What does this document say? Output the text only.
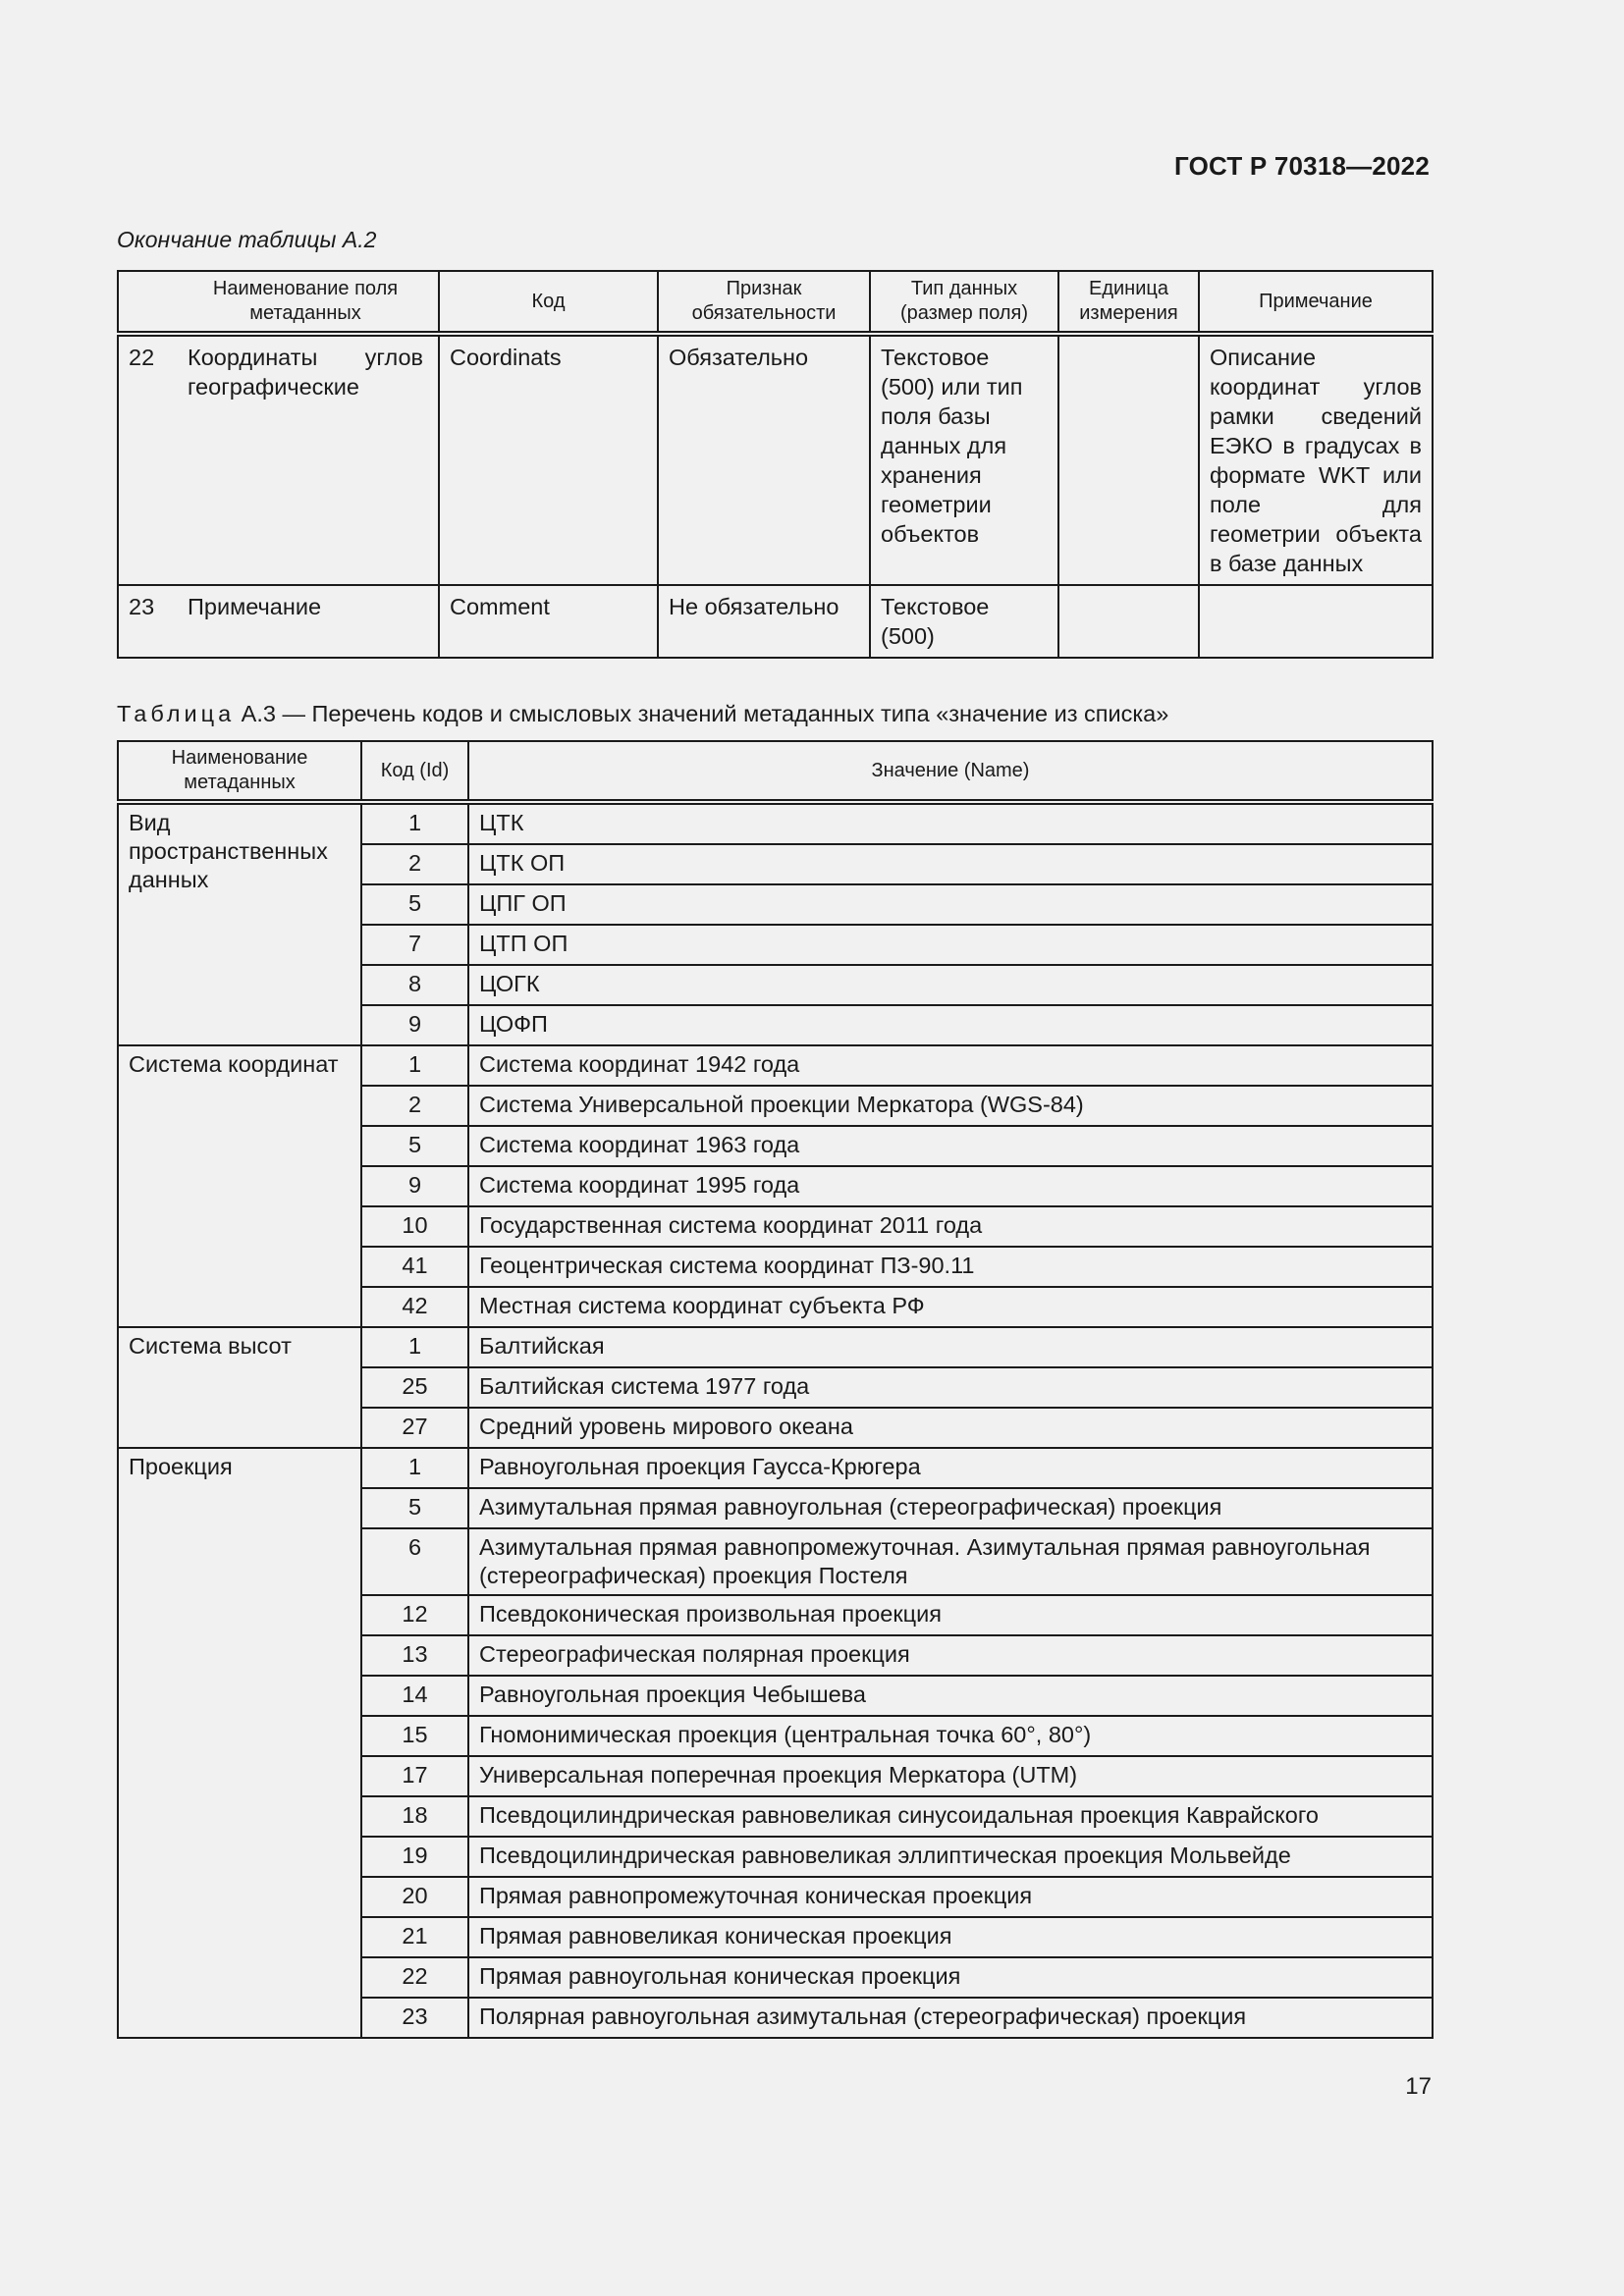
ГОСТ Р 70318—2022
Окончание таблицы А.2
Наименование поля метаданных	Код	Признак обязательности	Тип данных (размер поля)	Единица измерения	Примечание
22 Координаты углов географические	Coordinats	Обязательно	Текстовое (500) или тип поля базы данных для хранения геометрии объектов		Описание координат углов рамки сведений ЕЭКО в градусах в формате WKT или поле для геометрии объекта в базе данных
23 Примечание	Comment	Не обязательно	Текстовое (500)		
Таблица А.3 — Перечень кодов и смысловых значений метаданных типа «значение из списка»
Наименование метаданных	Код (Id)	Значение (Name)
Вид пространственных данных	1	ЦТК
	2	ЦТК ОП
	5	ЦПГ ОП
	7	ЦТП ОП
	8	ЦОГК
	9	ЦОФП
Система координат	1	Система координат 1942 года
	2	Система Универсальной проекции Меркатора (WGS-84)
	5	Система координат 1963 года
	9	Система координат 1995 года
	10	Государственная система координат 2011 года
	41	Геоцентрическая система координат ПЗ-90.11
	42	Местная система координат субъекта РФ
Система высот	1	Балтийская
	25	Балтийская система 1977 года
	27	Средний уровень мирового океана
Проекция	1	Равноугольная проекция Гаусса-Крюгера
	5	Азимутальная прямая равноугольная (стереографическая) проекция
	6	Азимутальная прямая равнопромежуточная. Азимутальная прямая равноугольная (стереографическая) проекция Постеля
	12	Псевдоконическая произвольная проекция
	13	Стереографическая полярная проекция
	14	Равноугольная проекция Чебышева
	15	Гномонимическая проекция (центральная точка 60°, 80°)
	17	Универсальная поперечная проекция Меркатора (UTM)
	18	Псевдоцилиндрическая равновеликая синусоидальная проекция Каврайского
	19	Псевдоцилиндрическая равновеликая эллиптическая проекция Мольвейде
	20	Прямая равнопромежуточная коническая проекция
	21	Прямая равновеликая коническая проекция
	22	Прямая равноугольная коническая проекция
	23	Полярная равноугольная азимутальная (стереографическая) проекция
17
